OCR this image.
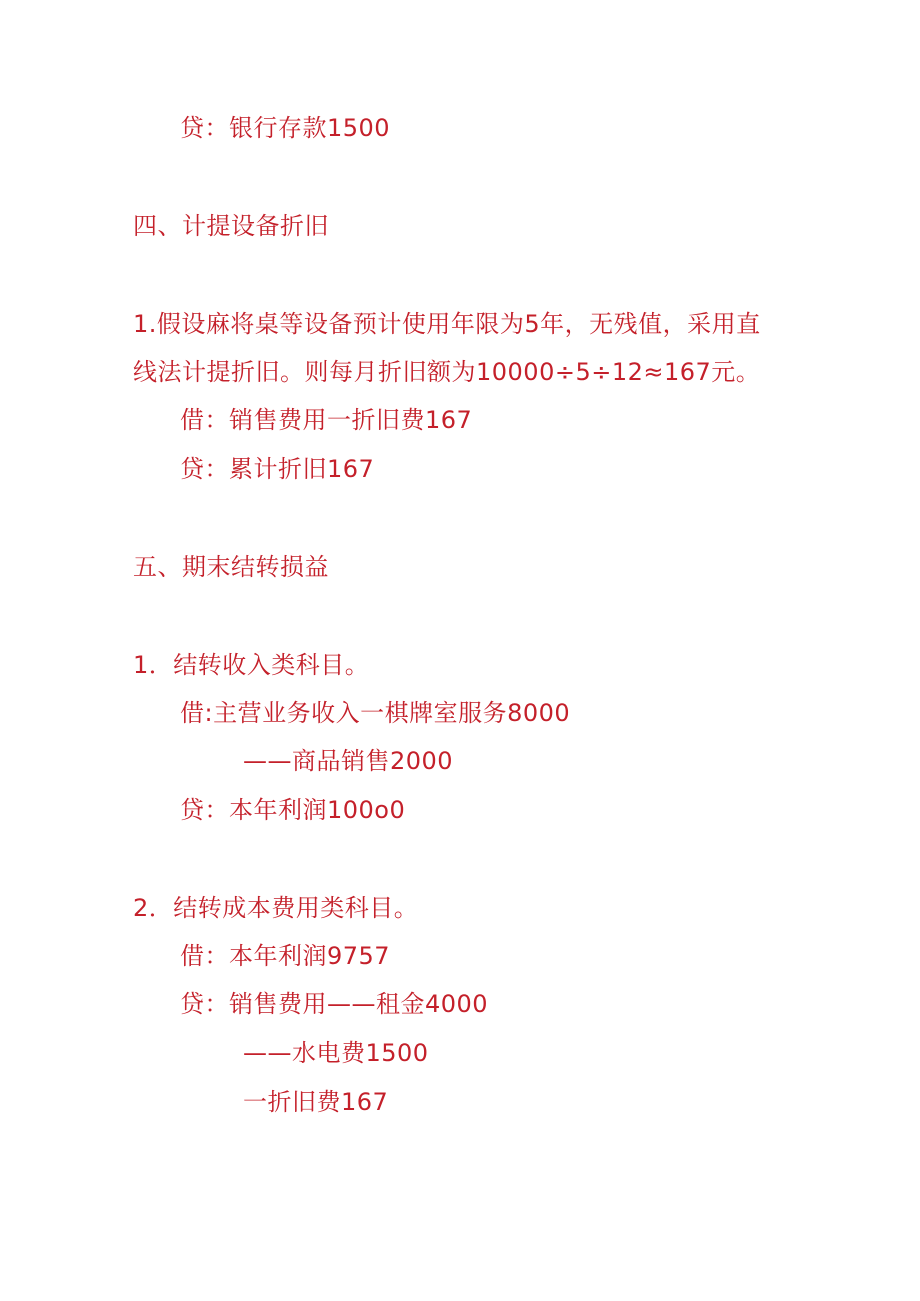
贷：银行存款1500
四、计提设备折旧
1.假设麻将桌等设备预计使用年限为5年，无残值，采用直
线法计提折旧。则每月折旧额为10000÷5÷12≈167元。
借：销售费用一折旧费167
贷：累计折旧167
五、期末结转损益
1．结转收入类科目。
借:主营业务收入一棋牌室服务8000
——商品销售2000
贷：本年利润100o0
2．结转成本费用类科目。
借：本年利润9757
贷：销售费用——租金4000
——水电费1500
一折旧费167
